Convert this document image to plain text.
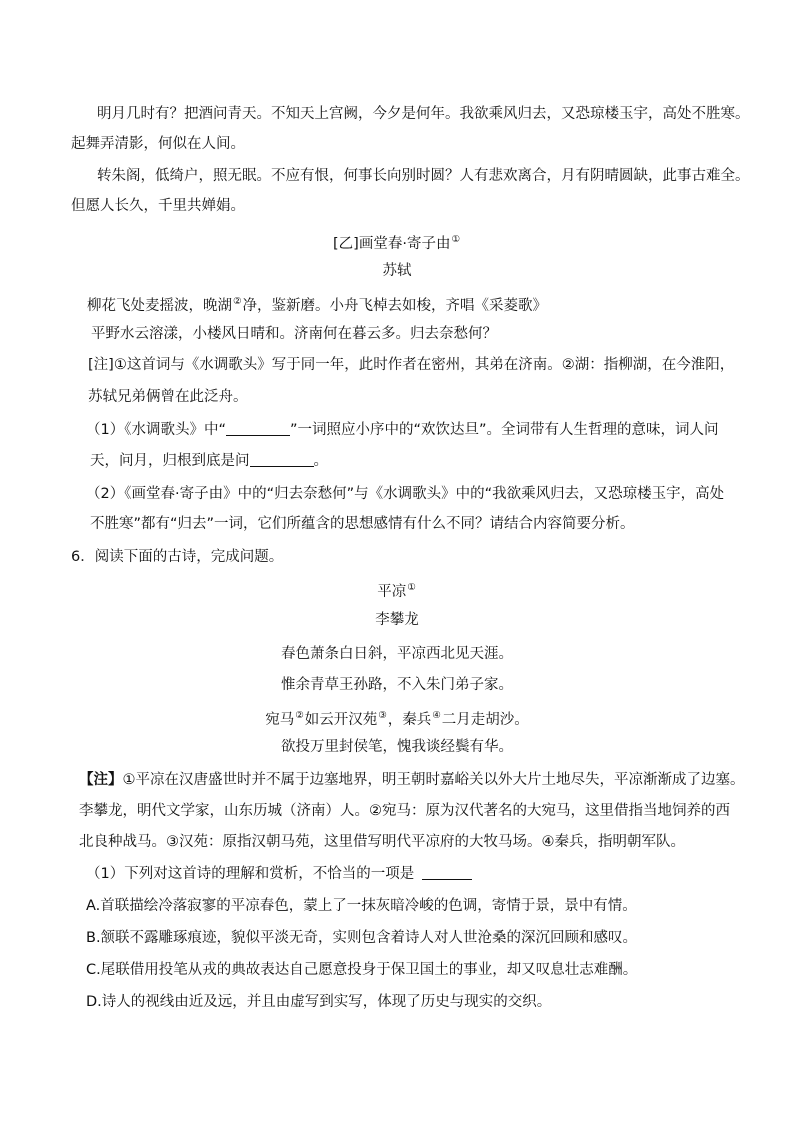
明月几时有？把酒问青天。不知天上宫阙，今夕是何年。我欲乘风归去，又恐琼楼玉宇，高处不胜寒。
起舞弄清影，何似在人间。
转朱阁，低绮户，照无眠。不应有恨，何事长向别时圆？人有悲欢离合，月有阴晴圆缺，此事古难全。
但愿人长久，千里共婵娟。
[乙]画堂春·寄子由①
苏轼
柳花飞处麦摇波，晚湖②净，鉴新磨。小舟飞棹去如梭，齐唱《采菱歌》
平野水云溶漾，小楼风日晴和。济南何在暮云多。归去奈愁何？
[注]①这首词与《水调歌头》写于同一年，此时作者在密州，其弟在济南。②湖：指柳湖，在今淮阳，
苏轼兄弟俩曾在此泛舟。
（1）《水调歌头》中“	”一词照应小序中的“欢饮达旦”。全词带有人生哲理的意味，词人问
天，问月，归根到底是问	。
（2）《画堂春·寄子由》中的“归去奈愁何”与《水调歌头》中的“我欲乘风归去，又恐琼楼玉宇，高处
不胜寒”都有“归去”一词，它们所蕴含的思想感情有什么不同？请结合内容简要分析。
6．阅读下面的古诗，完成问题。
平凉①
李攀龙
春色萧条白日斜，平凉西北见天涯。
惟余青草王孙路，不入朱门弟子家。
宛马②如云开汉苑③，秦兵④二月走胡沙。
欲投万里封侯笔，愧我谈经鬓有华。
【注】①平凉在汉唐盛世时并不属于边塞地界，明王朝时嘉峪关以外大片土地尽失，平凉渐渐成了边塞。
李攀龙，明代文学家，山东历城（济南）人。②宛马：原为汉代著名的大宛马，这里借指当地饲养的西
北良种战马。③汉苑：原指汉朝马苑，这里借写明代平凉府的大牧马场。④秦兵，指明朝军队。
（1）下列对这首诗的理解和赏析，不恰当的一项是
A.首联描绘冷落寂寥的平凉春色，蒙上了一抹灰暗冷峻的色调，寄情于景，景中有情。
B.颔联不露雕琢痕迹，貌似平淡无奇，实则包含着诗人对人世沧桑的深沉回顾和感叹。
C.尾联借用投笔从戎的典故表达自己愿意投身于保卫国土的事业，却又叹息壮志难酬。
D.诗人的视线由近及远，并且由虚写到实写，体现了历史与现实的交织。
